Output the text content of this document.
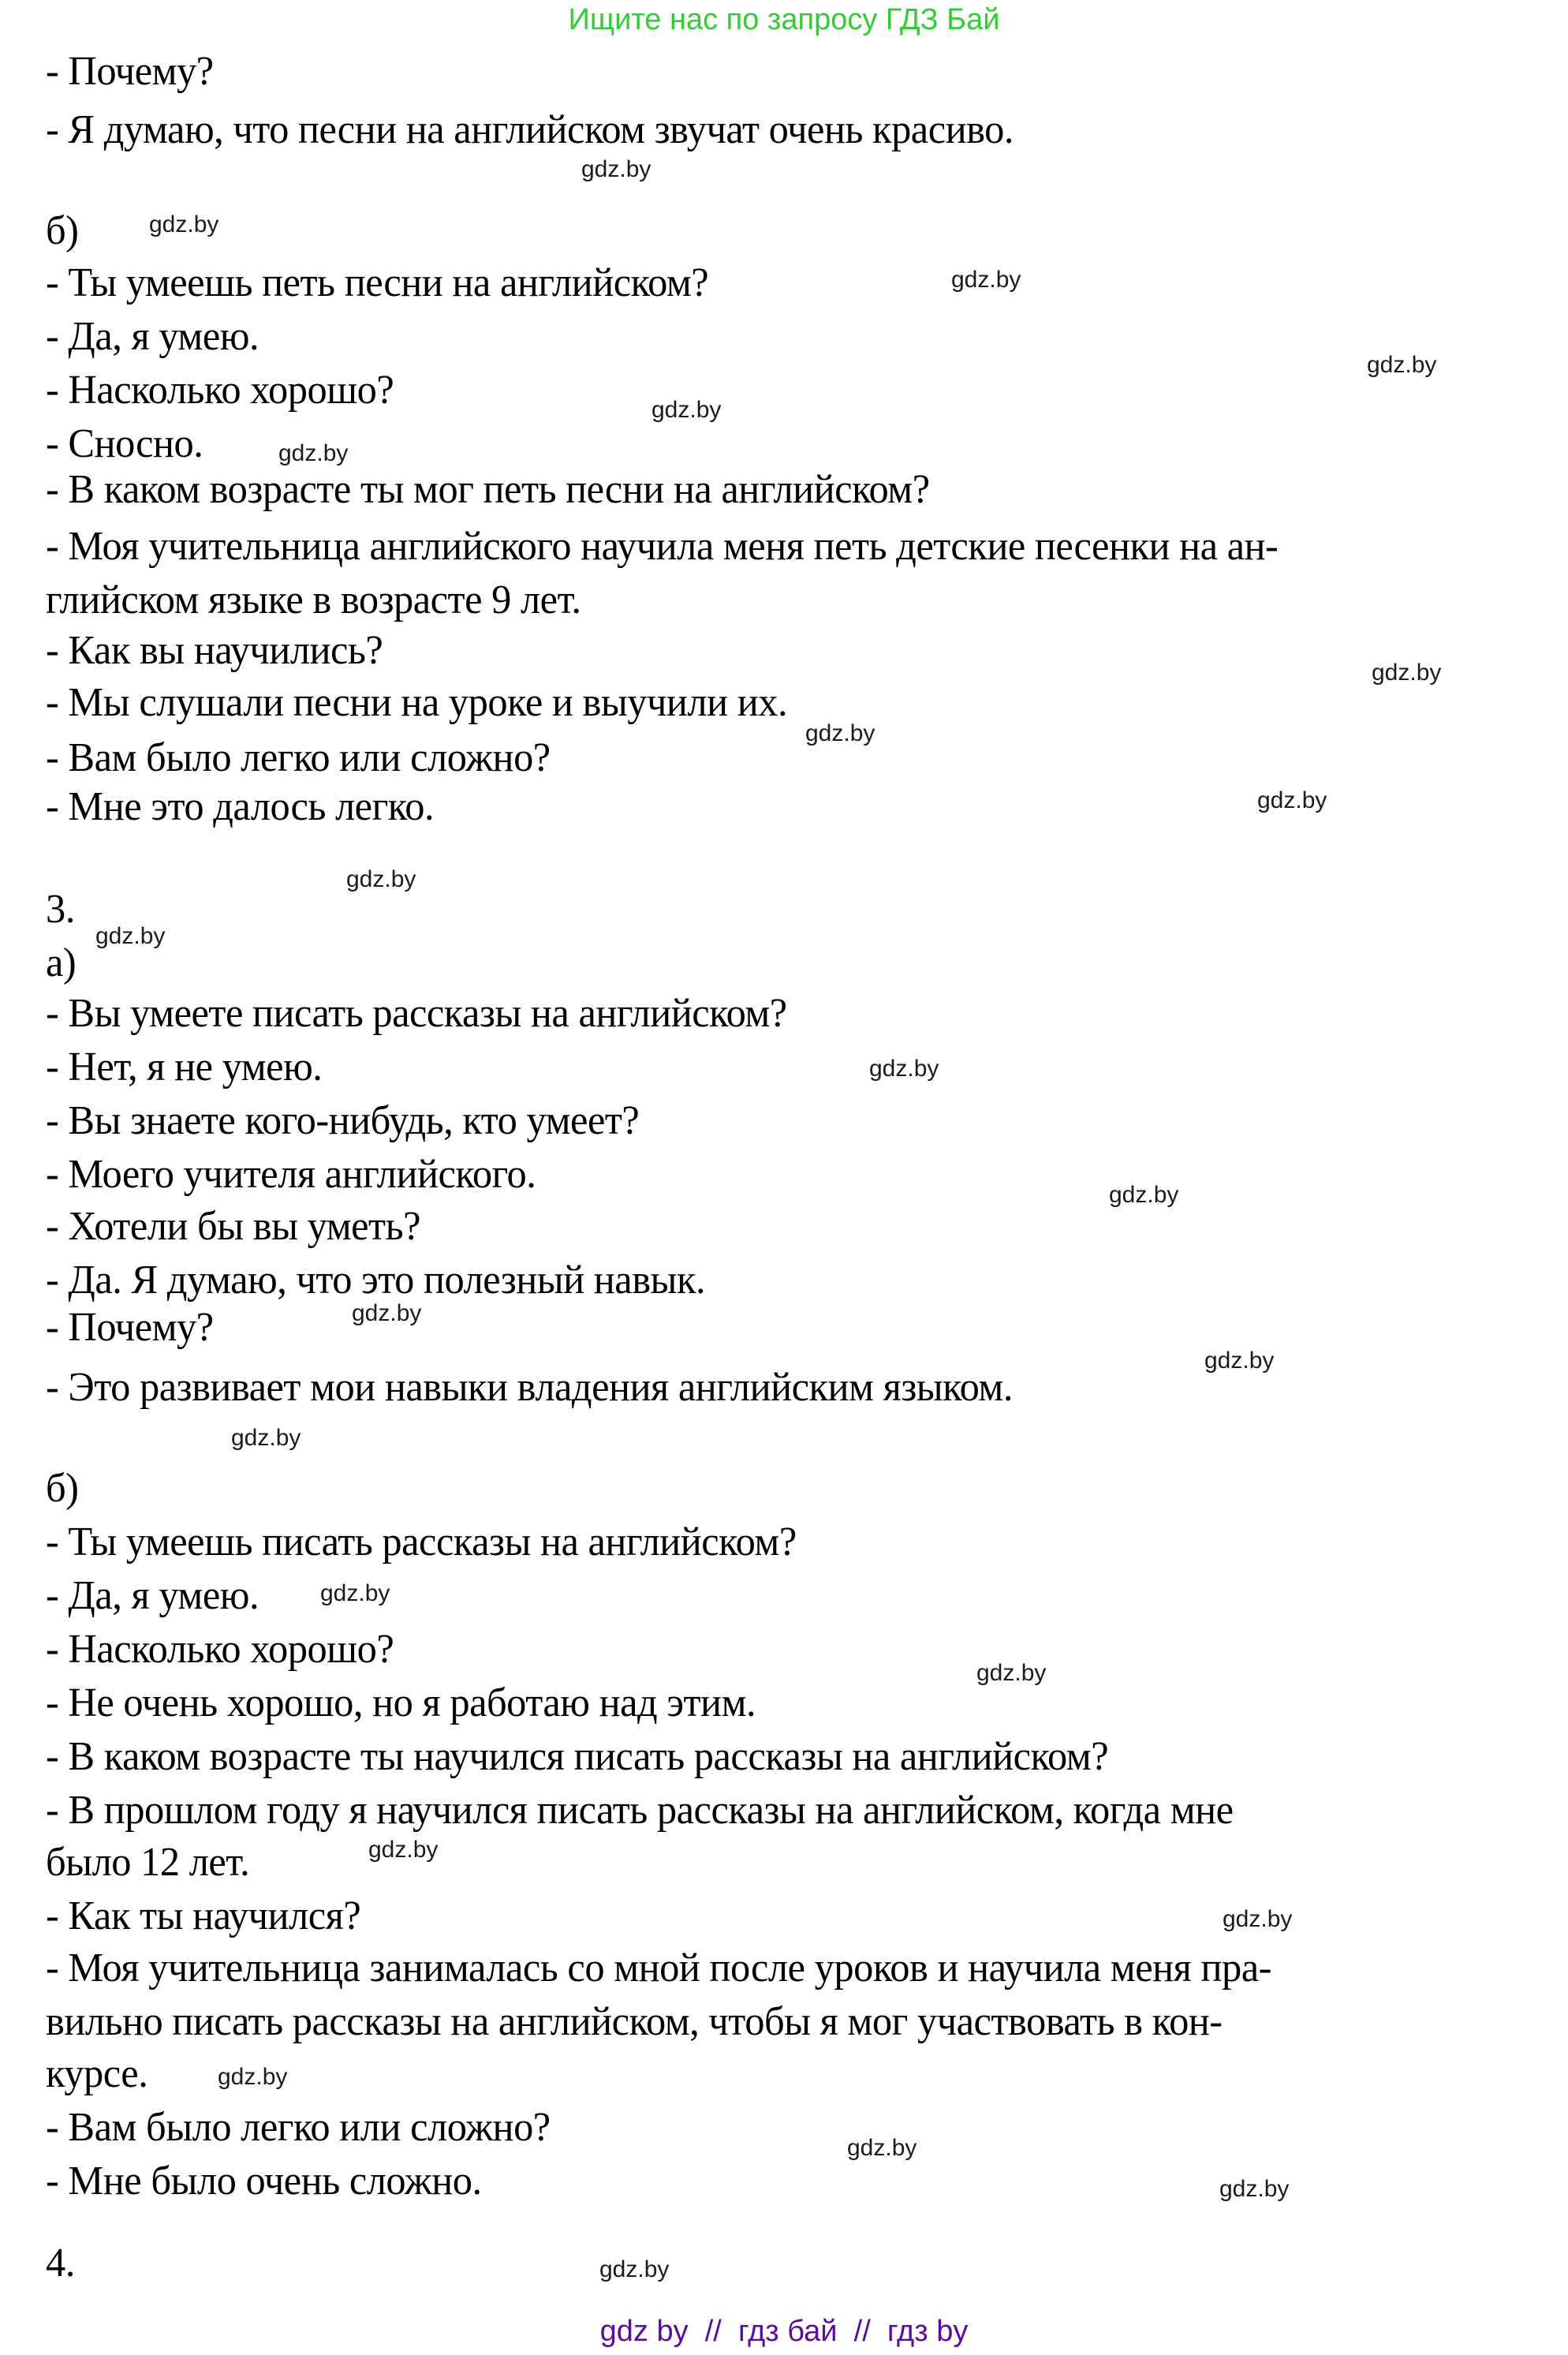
Ищите нас по запросу ГДЗ Бай
- Почему?
- Я думаю, что песни на английском звучат очень красиво.
б)
- Ты умеешь петь песни на английском?
- Да, я умею.
- Насколько хорошо?
- Сносно.
- В каком возрасте ты мог петь песни на английском?
- Моя учительница английского научила меня петь детские песенки на ан-
глийском языке в возрасте 9 лет.
- Как вы научились?
- Мы слушали песни на уроке и выучили их.
- Вам было легко или сложно?
- Мне это далось легко.
3.
а)
- Вы умеете писать рассказы на английском?
- Нет, я не умею.
- Вы знаете кого-нибудь, кто умеет?
- Моего учителя английского.
- Хотели бы вы уметь?
- Да. Я думаю, что это полезный навык.
- Почему?
- Это развивает мои навыки владения английским языком.
б)
- Ты умеешь писать рассказы на английском?
- Да, я умею.
- Насколько хорошо?
- Не очень хорошо, но я работаю над этим.
- В каком возрасте ты научился писать рассказы на английском?
- В прошлом году я научился писать рассказы на английском, когда мне
было 12 лет.
- Как ты научился?
- Моя учительница занималась со мной после уроков и научила меня пра-
вильно писать рассказы на английском, чтобы я мог участвовать в кон-
курсе.
- Вам было легко или сложно?
- Мне было очень сложно.
4.
gdz.by
gdz.by
gdz.by
gdz.by
gdz.by
gdz.by
gdz.by
gdz.by
gdz.by
gdz.by
gdz.by
gdz.by
gdz.by
gdz.by
gdz.by
gdz.by
gdz.by
gdz.by
gdz.by
gdz.by
gdz.by
gdz.by
gdz.by
gdz.by
gdz by  //  гдз бай  //  гдз by
